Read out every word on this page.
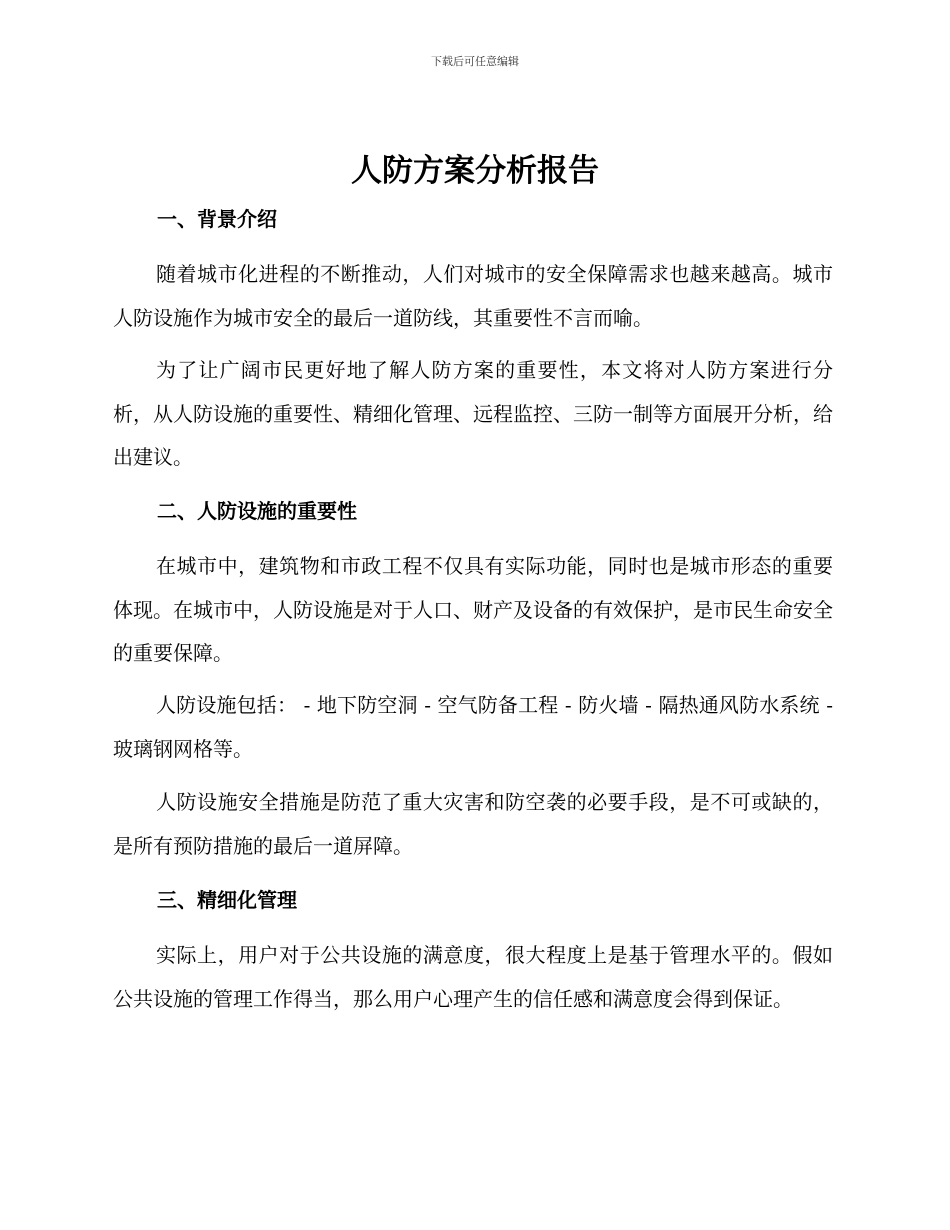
下载后可任意编辑
人防方案分析报告
一、背景介绍

随着城市化进程的不断推动，人们对城市的安全保障需求也越来越高。城市人防设施作为城市安全的最后一道防线，其重要性不言而喻。

为了让广阔市民更好地了解人防方案的重要性，本文将对人防方案进行分析，从人防设施的重要性、精细化管理、远程监控、三防一制等方面展开分析，给出建议。

二、人防设施的重要性

在城市中，建筑物和市政工程不仅具有实际功能，同时也是城市形态的重要体现。在城市中，人防设施是对于人口、财产及设备的有效保护，是市民生命安全的重要保障。

人防设施包括： - 地下防空洞 - 空气防备工程 - 防火墙 - 隔热通风防水系统 - 玻璃钢网格等。

人防设施安全措施是防范了重大灾害和防空袭的必要手段，是不可或缺的，是所有预防措施的最后一道屏障。

三、精细化管理

实际上，用户对于公共设施的满意度，很大程度上是基于管理水平的。假如公共设施的管理工作得当，那么用户心理产生的信任感和满意度会得到保证。
